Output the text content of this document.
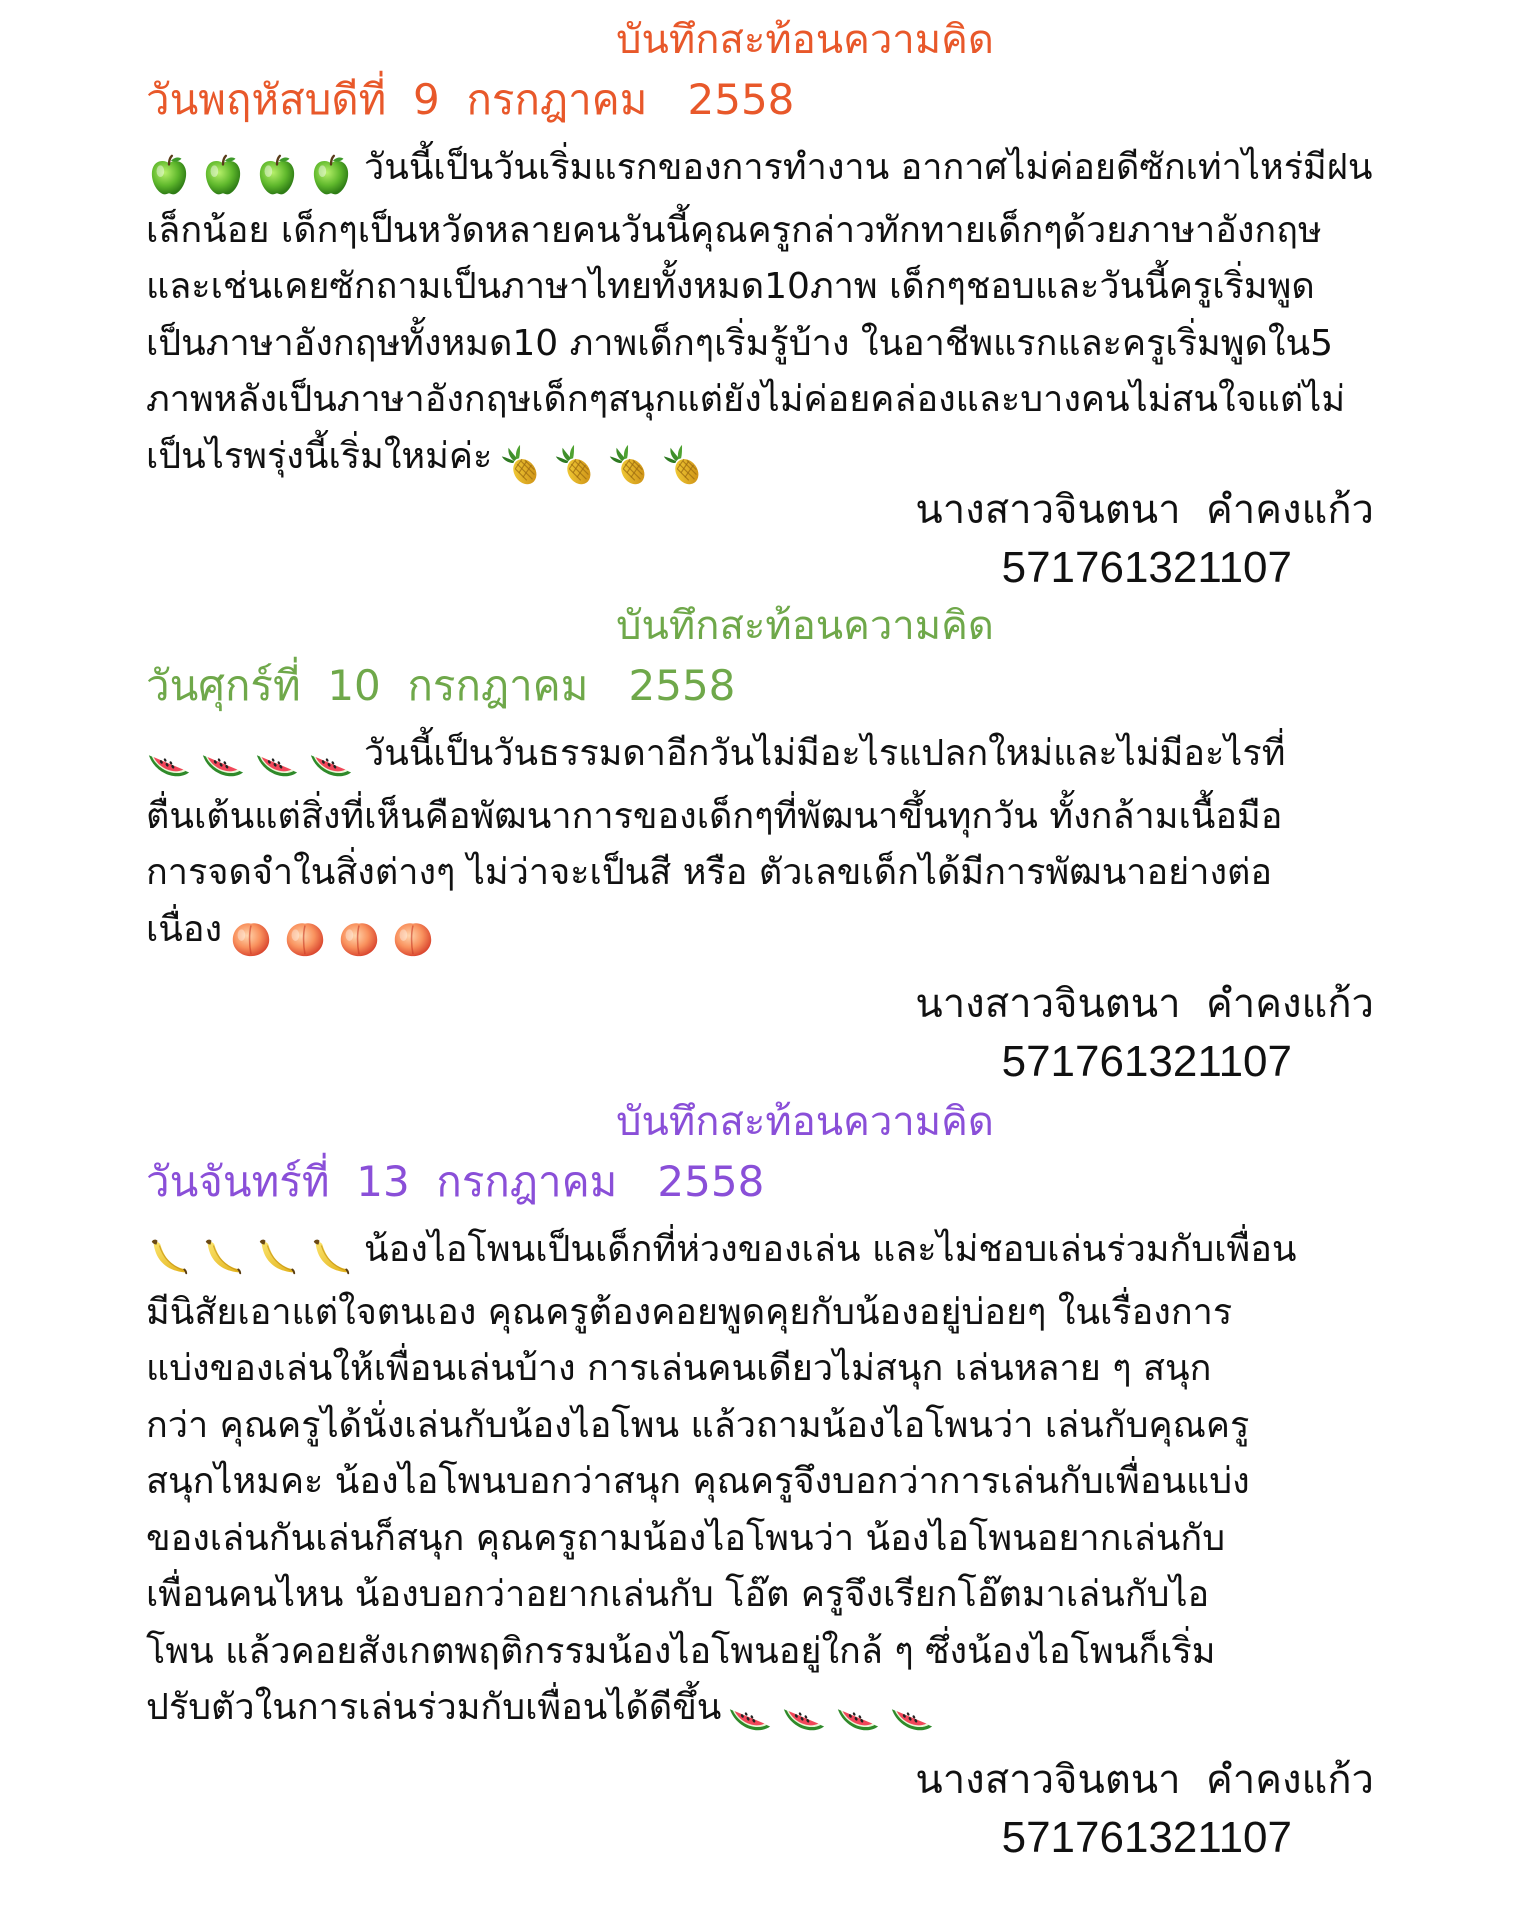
บันทึกสะท้อนความคิด
วันพฤหัสบดีที่  9  กรกฎาคม   2558
วันนี้เป็นวันเริ่มแรกของการทำงาน อากาศไม่ค่อยดีซักเท่าไหร่มีฝน
เล็กน้อย เด็กๆเป็นหวัดหลายคนวันนี้คุณครูกล่าวทักทายเด็กๆด้วยภาษาอังกฤษ
และเช่นเคยซักถามเป็นภาษาไทยทั้งหมด10ภาพ เด็กๆชอบและวันนี้ครูเริ่มพูด
เป็นภาษาอังกฤษทั้งหมด10 ภาพเด็กๆเริ่มรู้บ้าง ในอาชีพแรกและครูเริ่มพูดใน5
ภาพหลังเป็นภาษาอังกฤษเด็กๆสนุกแต่ยังไม่ค่อยคล่องและบางคนไม่สนใจแต่ไม่
เป็นไรพรุ่งนี้เริ่มใหม่ค่ะ
นางสาวจินตนา  คำคงแก้ว
571761321107
บันทึกสะท้อนความคิด
วันศุกร์ที่  10  กรกฎาคม   2558
วันนี้เป็นวันธรรมดาอีกวันไม่มีอะไรแปลกใหม่และไม่มีอะไรที่
ตื่นเต้นแต่สิ่งที่เห็นคือพัฒนาการของเด็กๆที่พัฒนาขึ้นทุกวัน ทั้งกล้ามเนื้อมือ
การจดจำในสิ่งต่างๆ ไม่ว่าจะเป็นสี หรือ ตัวเลขเด็กได้มีการพัฒนาอย่างต่อ
เนื่อง
นางสาวจินตนา  คำคงแก้ว
571761321107
บันทึกสะท้อนความคิด
วันจันทร์ที่  13  กรกฎาคม   2558
น้องไอโพนเป็นเด็กที่ห่วงของเล่น และไม่ชอบเล่นร่วมกับเพื่อน
มีนิสัยเอาแต่ใจตนเอง คุณครูต้องคอยพูดคุยกับน้องอยู่บ่อยๆ ในเรื่องการ
แบ่งของเล่นให้เพื่อนเล่นบ้าง การเล่นคนเดียวไม่สนุก เล่นหลาย ๆ สนุก
กว่า คุณครูได้นั่งเล่นกับน้องไอโพน แล้วถามน้องไอโพนว่า เล่นกับคุณครู
สนุกไหมคะ น้องไอโพนบอกว่าสนุก คุณครูจึงบอกว่าการเล่นกับเพื่อนแบ่ง
ของเล่นกันเล่นก็สนุก คุณครูถามน้องไอโพนว่า น้องไอโพนอยากเล่นกับ
เพื่อนคนไหน น้องบอกว่าอยากเล่นกับ โอ๊ต ครูจึงเรียกโอ๊ตมาเล่นกับไอ
โพน แล้วคอยสังเกตพฤติกรรมน้องไอโพนอยู่ใกล้ ๆ ซึ่งน้องไอโพนก็เริ่ม
ปรับตัวในการเล่นร่วมกับเพื่อนได้ดีขึ้น
นางสาวจินตนา  คำคงแก้ว
571761321107
